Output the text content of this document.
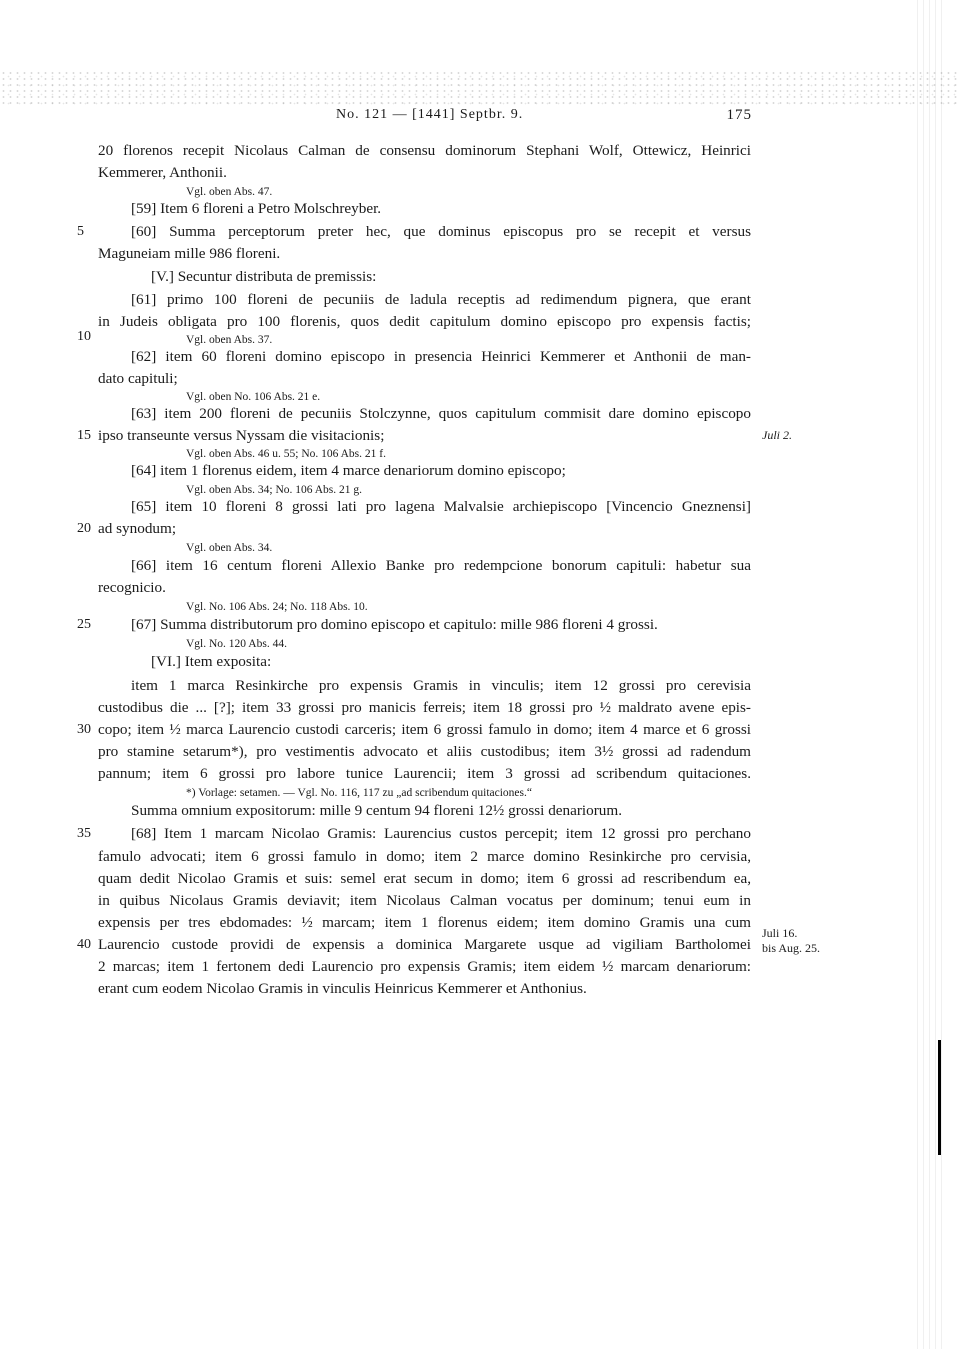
No. 121 — [1441] Septbr. 9.	175
20 florenos recepit Nicolaus Calman de consensu dominorum Stephani Wolf, Ottewicz, Heinrici
Kemmerer, Anthonii.
Vgl. oben Abs. 47.
[59] Item 6 floreni a Petro Molschreyber.
[60] Summa perceptorum preter hec, que dominus episcopus pro se recepit et versus
Maguneiam mille 986 floreni.
[V.] Secuntur distributa de premissis:
[61] primo 100 floreni de pecuniis de ladula receptis ad redimendum pignera, que erant
in Judeis obligata pro 100 florenis, quos dedit capitulum domino episcopo pro expensis factis;
Vgl. oben Abs. 37.
[62] item 60 floreni domino episcopo in presencia Heinrici Kemmerer et Anthonii de man-
dato capituli;
Vgl. oben No. 106 Abs. 21 e.
[63] item 200 floreni de pecuniis Stolczynne, quos capitulum commisit dare domino episcopo
ipso transeunte versus Nyssam die visitacionis;
Vgl. oben Abs. 46 u. 55; No. 106 Abs. 21 f.
[64] item 1 florenus eidem, item 4 marce denariorum domino episcopo;
Vgl. oben Abs. 34; No. 106 Abs. 21 g.
[65] item 10 floreni 8 grossi lati pro lagena Malvalsie archiepiscopo [Vincencio Gneznensi]
ad synodum;
Vgl. oben Abs. 34.
[66] item 16 centum floreni Allexio Banke pro redempcione bonorum capituli: habetur sua
recognicio.
Vgl. No. 106 Abs. 24; No. 118 Abs. 10.
[67] Summa distributorum pro domino episcopo et capitulo: mille 986 floreni 4 grossi.
Vgl. No. 120 Abs. 44.
[VI.] Item exposita:
item 1 marca Resinkirche pro expensis Gramis in vinculis; item 12 grossi pro cerevisia
custodibus die ... [?]; item 33 grossi pro manicis ferreis; item 18 grossi pro ½ maldrato avene epis-
copo; item ½ marca Laurencio custodi carceris; item 6 grossi famulo in domo; item 4 marce et 6 grossi
pro stamine setarum*), pro vestimentis advocato et aliis custodibus; item 3½ grossi ad radendum
pannum; item 6 grossi pro labore tunice Laurencii; item 3 grossi ad scribendum quitaciones.
*) Vorlage: setamen. — Vgl. No. 116, 117 zu „ad scribendum quitaciones.“
Summa omnium expositorum: mille 9 centum 94 floreni 12½ grossi denariorum.
[68] Item 1 marcam Nicolao Gramis: Laurencius custos percepit; item 12 grossi pro perchano
famulo advocati; item 6 grossi famulo in domo; item 2 marce domino Resinkirche pro cervisia,
quam dedit Nicolao Gramis et suis: semel erat secum in domo; item 6 grossi ad rescribendum ea,
in quibus Nicolaus Gramis deviavit; item Nicolaus Calman vocatus per dominum; tenui eum in
expensis per tres ebdomades: ½ marcam; item 1 florenus eidem; item domino Gramis una cum
Laurencio custode providi de expensis a dominica Margarete usque ad vigiliam Bartholomei
2 marcas; item 1 fertonem dedi Laurencio pro expensis Gramis; item eidem ½ marcam denariorum:
erant cum eodem Nicolao Gramis in vinculis Heinricus Kemmerer et Anthonius.
5
10
15
20
25
30
35
40
Juli 2.
Juli 16.
bis Aug. 25.
